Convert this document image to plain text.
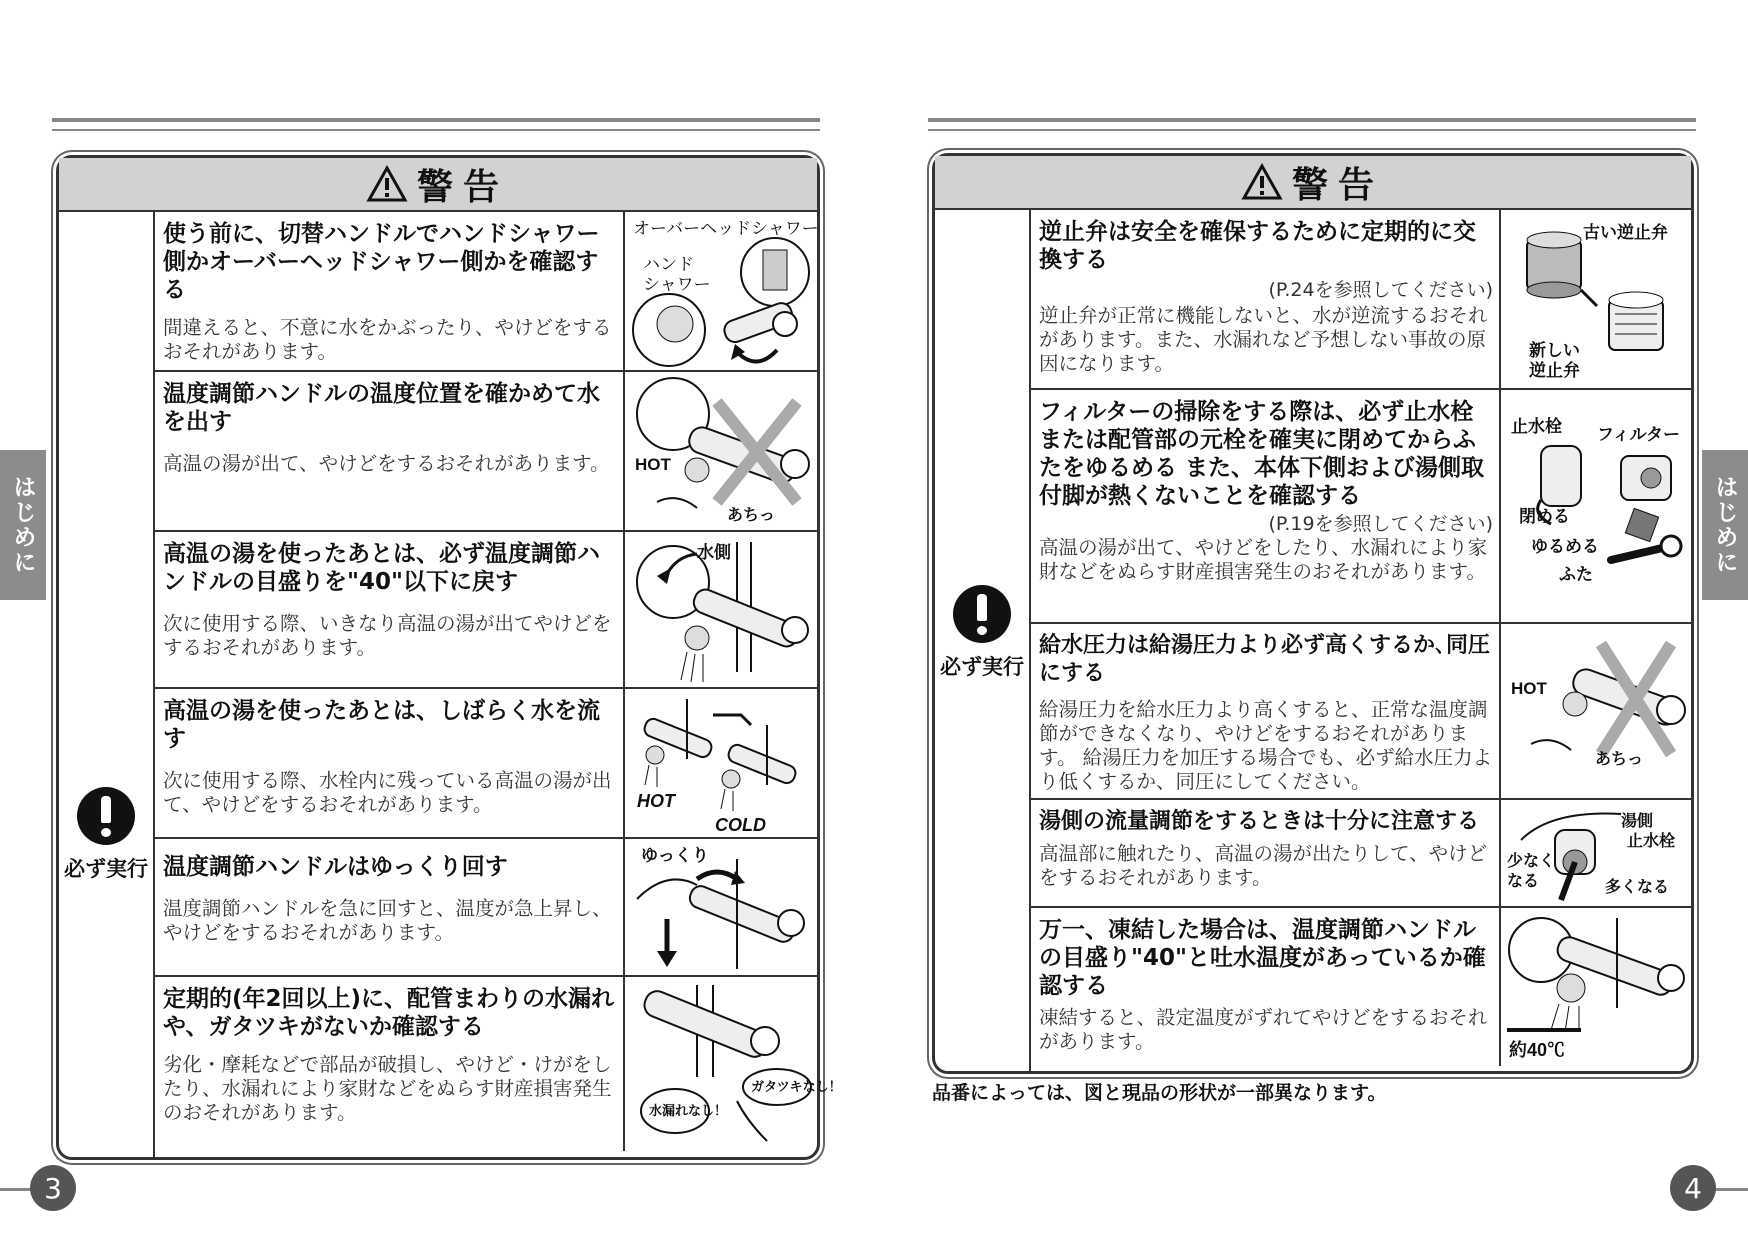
はじめに	はじめに
警告
必ず実行
使う前に、切替ハンドルでハンドシャワー側かオーバーヘッドシャワー側かを確認する
間違えると、不意に水をかぶったり、やけどをするおそれがあります。
オーバーヘッドシャワー
ハンド
シャワー
温度調節ハンドルの温度位置を確かめて水を出す
高温の湯が出て、やけどをするおそれがあります。	HOT
あちっ
高温の湯を使ったあとは、必ず温度調節ハンドルの目盛りを"40"以下に戻す
次に使用する際、いきなり高温の湯が出てやけどをするおそれがあります。
水側
高温の湯を使ったあとは、しばらく水を流す
次に使用する際、水栓内に残っている高温の湯が出て、やけどをするおそれがあります。	HOT
COLD
温度調節ハンドルはゆっくり回す
温度調節ハンドルを急に回すと、温度が急上昇し、やけどをするおそれがあります。
ゆっくり
定期的(年2回以上)に、配管まわりの水漏れや、ガタツキがないか確認する
劣化・摩耗などで部品が破損し、やけど・けがをしたり、水漏れにより家財などをぬらす財産損害発生のおそれがあります。
ガタツキなし！
水漏れなし！
警告
必ず実行
逆止弁は安全を確保するために定期的に交換する
(P.24を参照してください)
逆止弁が正常に機能しないと、水が逆流するおそれがあります。また、水漏れなど予想しない事故の原因になります。
古い逆止弁
新しい
逆止弁
フィルターの掃除をする際は、必ず止水栓または配管部の元栓を確実に閉めてからふたをゆるめる また、本体下側および湯側取付脚が熱くないことを確認する
(P.19を参照してください)
高温の湯が出て、やけどをしたり、水漏れにより家財などをぬらす財産損害発生のおそれがあります。
止水栓 フィルター
閉める
ゆるめる
ふた
給水圧力は給湯圧力より必ず高くするか､同圧にする
給湯圧力を給水圧力より高くすると、正常な温度調節ができなくなり、やけどをするおそれがあります。 給湯圧力を加圧する場合でも、必ず給水圧力より低くするか、同圧にしてください。
HOT
あちっ
湯側の流量調節をするときは十分に注意する
高温部に触れたり、高温の湯が出たりして、やけどをするおそれがあります。
湯側
止水栓
少なく
なる	多くなる
万一、凍結した場合は、温度調節ハンドルの目盛り"40"と吐水温度があっているか確認する
凍結すると、設定温度がずれてやけどをするおそれがあります。	約40℃
品番によっては、図と現品の形状が一部異なります。
3	4
